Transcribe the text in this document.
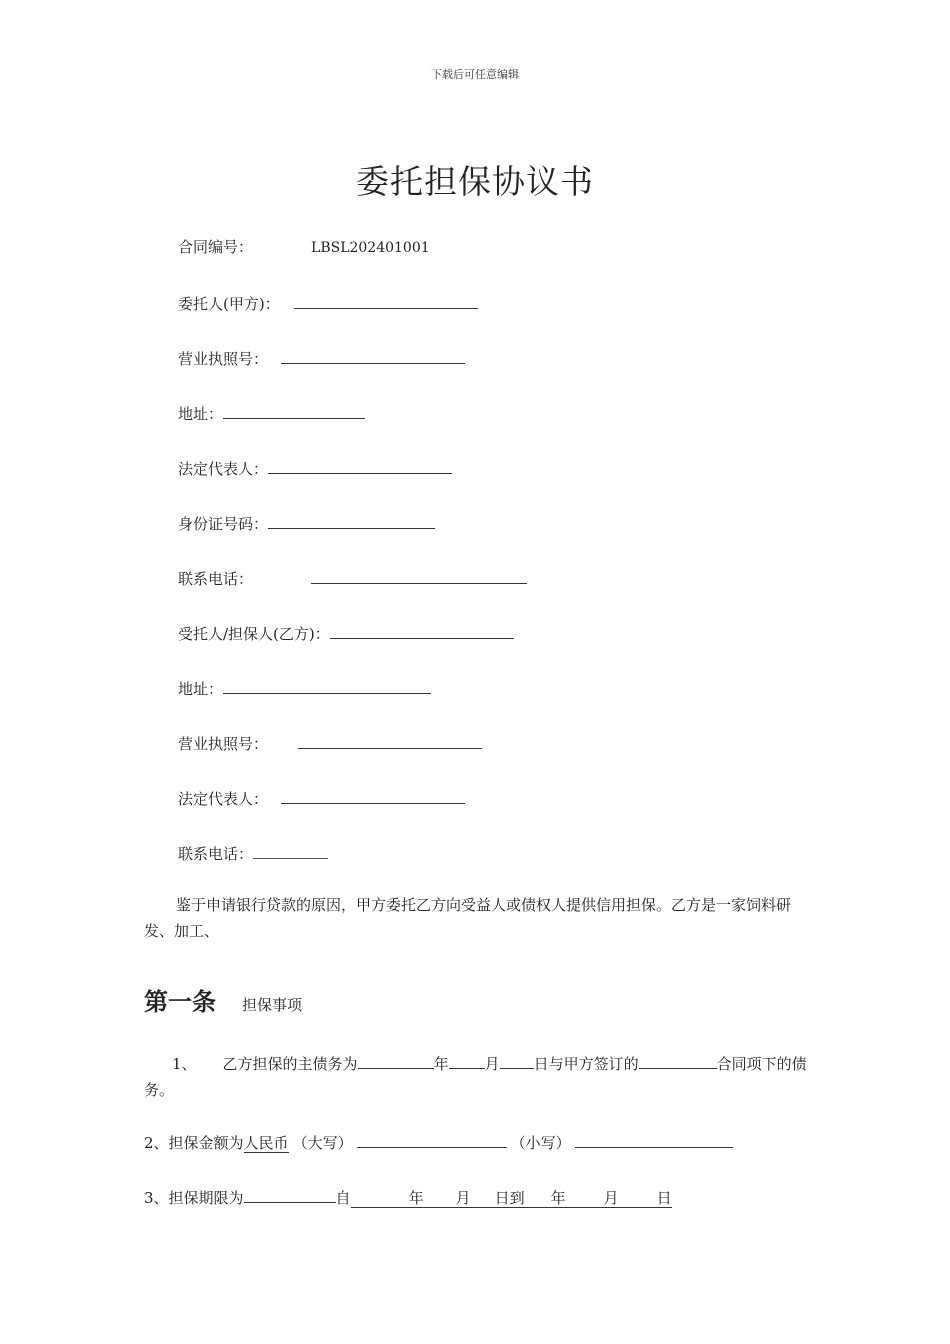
下载后可任意编辑
委托担保协议书
合同编号：	LBSL202401001
委托人(甲方)：
营业执照号：
地址：
法定代表人：
身份证号码：
联系电话：
受托人/担保人(乙方)：
地址：
营业执照号：
法定代表人：
联系电话：
鉴于申请银行贷款的原因，甲方委托乙方向受益人或债权人提供信用担保。乙方是一家饲料研发、加工、
第一条 担保事项
1、 乙方担保的主债务为	年 月 日与甲方签订的	合同项下的债务。
2、担保金额为人民币 （大写）	（小写）
3、担保期限为	自	年 月 日到 年	月	日
